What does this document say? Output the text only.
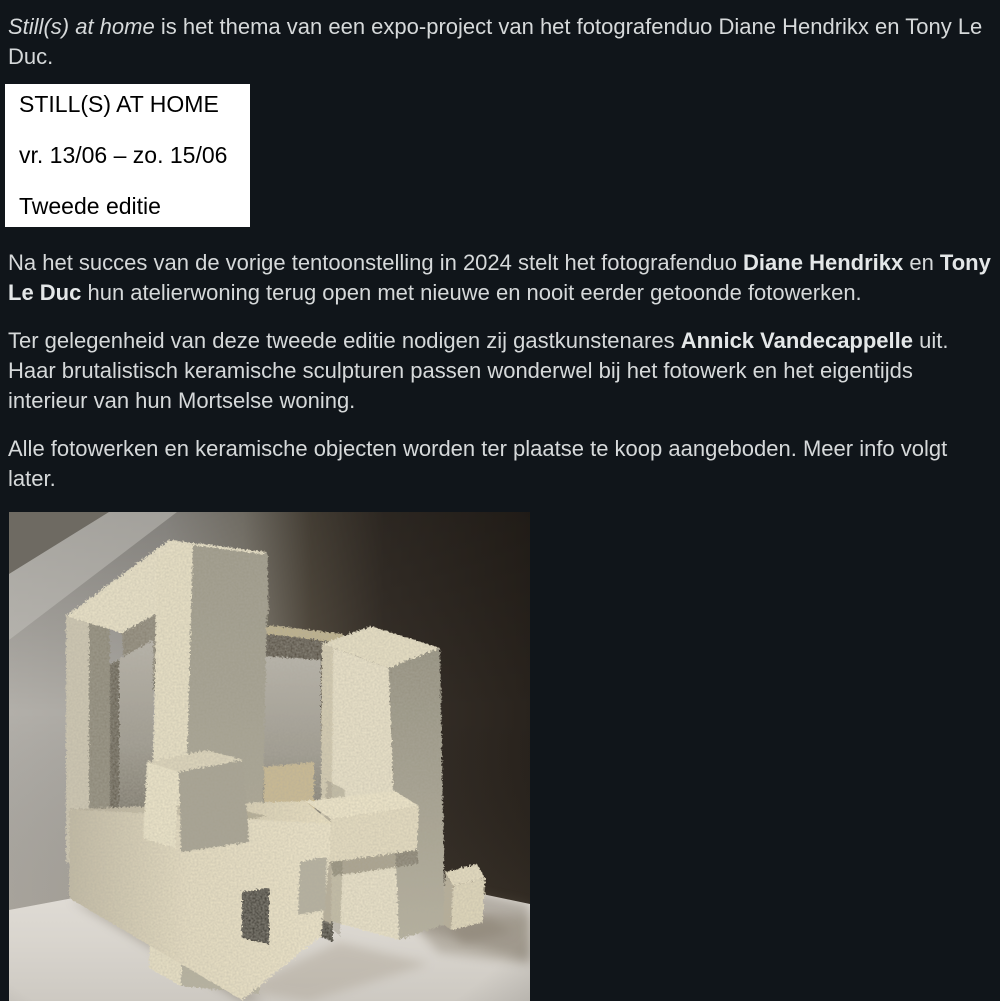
Still(s) at home is het thema van een expo-project van het fotografenduo Diane Hendrikx en Tony Le Duc.

STILL(S) AT HOME

vr. 13/06 – zo. 15/06

Tweede editie

Na het succes van de vorige tentoonstelling in 2024 stelt het fotografenduo Diane Hendrikx en Tony Le Duc hun atelierwoning terug open met nieuwe en nooit eerder getoonde fotowerken.

Ter gelegenheid van deze tweede editie nodigen zij gastkunstenares Annick Vandecappelle uit. Haar brutalistisch keramische sculpturen passen wonderwel bij het fotowerk en het eigentijds interieur van hun Mortselse woning.

Alle fotowerken en keramische objecten worden ter plaatse te koop aangeboden. Meer info volgt later.
